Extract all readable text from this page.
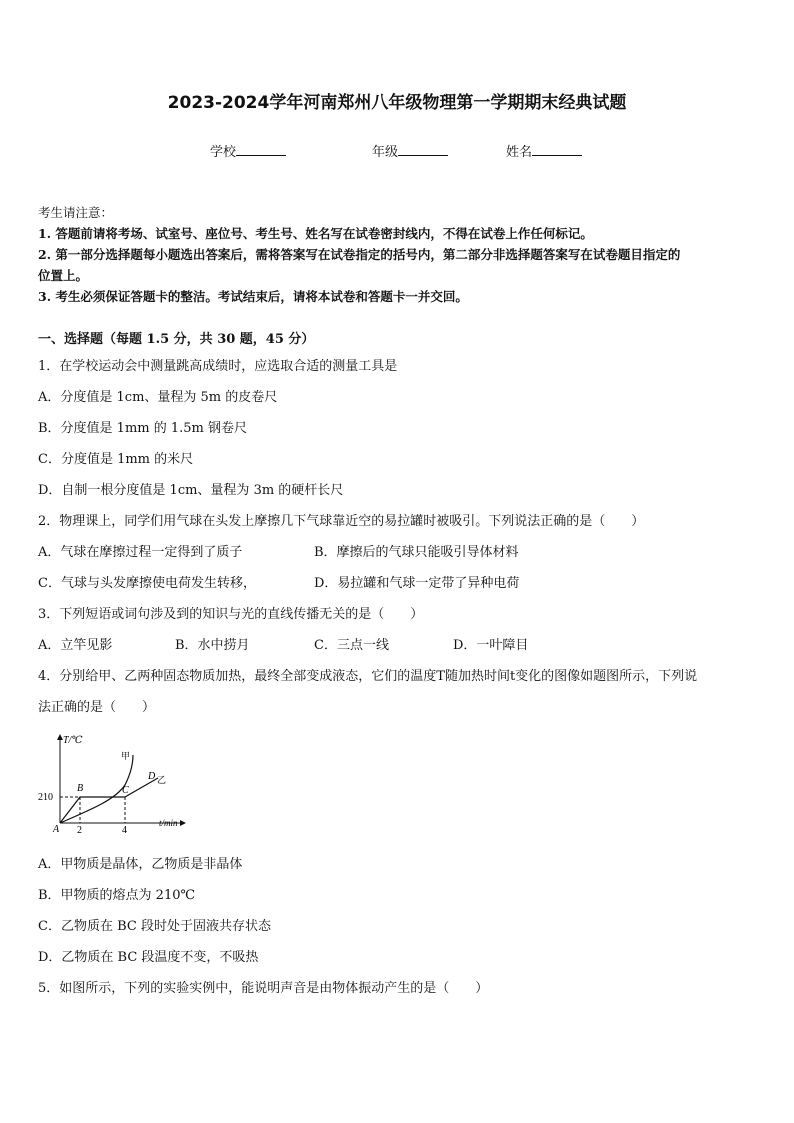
2023-2024学年河南郑州八年级物理第一学期期末经典试题
学校	年级	姓名
考生请注意：
1. 答题前请将考场、试室号、座位号、考生号、姓名写在试卷密封线内，不得在试卷上作任何标记。
2. 第一部分选择题每小题选出答案后，需将答案写在试卷指定的括号内，第二部分非选择题答案写在试卷题目指定的
位置上。
3. 考生必须保证答题卡的整洁。考试结束后，请将本试卷和答题卡一并交回。
一、选择题（每题 1.5 分，共 30 题，45 分）
1．在学校运动会中测量跳高成绩时，应选取合适的测量工具是
A．分度值是 1cm、量程为 5m 的皮卷尺
B．分度值是 1mm 的 1.5m 钢卷尺
C．分度值是 1mm 的米尺
D．自制一根分度值是 1cm、量程为 3m 的硬杆长尺
2．物理课上，同学们用气球在头发上摩擦几下气球靠近空的易拉罐时被吸引。下列说法正确的是（　　）
A．气球在摩擦过程一定得到了质子	B．摩擦后的气球只能吸引导体材料
C．气球与头发摩擦使电荷发生转移，	D．易拉罐和气球一定带了异种电荷
3．下列短语或词句涉及到的知识与光的直线传播无关的是（　　）
A．立竿见影	B．水中捞月	C．三点一线	D．一叶障目
4．分别给甲、乙两种固态物质加热，最终全部变成液态，它们的温度T随加热时间t变化的图像如题图所示，下列说
法正确的是（　　）
T/℃
t/min
A
210
2	4
B	C
D
甲
乙
A．甲物质是晶体，乙物质是非晶体
B．甲物质的熔点为 210℃
C．乙物质在 BC 段时处于固液共存状态
D．乙物质在 BC 段温度不变，不吸热
5．如图所示，下列的实验实例中，能说明声音是由物体振动产生的是（　　）
